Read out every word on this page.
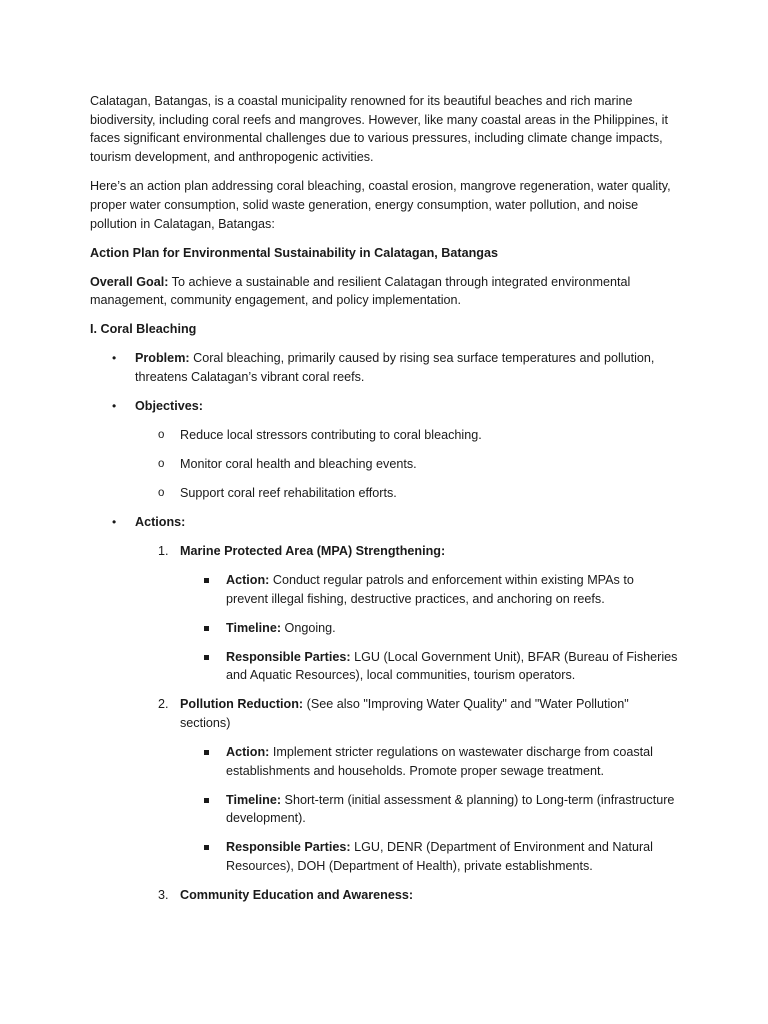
Calatagan, Batangas, is a coastal municipality renowned for its beautiful beaches and rich marine biodiversity, including coral reefs and mangroves. However, like many coastal areas in the Philippines, it faces significant environmental challenges due to various pressures, including climate change impacts, tourism development, and anthropogenic activities.

Here’s an action plan addressing coral bleaching, coastal erosion, mangrove regeneration, water quality, proper water consumption, solid waste generation, energy consumption, water pollution, and noise pollution in Calatagan, Batangas:

Action Plan for Environmental Sustainability in Calatagan, Batangas

Overall Goal: To achieve a sustainable and resilient Calatagan through integrated environmental management, community engagement, and policy implementation.

I. Coral Bleaching

• Problem: Coral bleaching, primarily caused by rising sea surface temperatures and pollution, threatens Calatagan’s vibrant coral reefs.
• Objectives:
o Reduce local stressors contributing to coral bleaching.
o Monitor coral health and bleaching events.
o Support coral reef rehabilitation efforts.
• Actions:
1. Marine Protected Area (MPA) Strengthening:
Action: Conduct regular patrols and enforcement within existing MPAs to prevent illegal fishing, destructive practices, and anchoring on reefs.
Timeline: Ongoing.
Responsible Parties: LGU (Local Government Unit), BFAR (Bureau of Fisheries and Aquatic Resources), local communities, tourism operators.
2. Pollution Reduction: (See also "Improving Water Quality" and "Water Pollution" sections)
Action: Implement stricter regulations on wastewater discharge from coastal establishments and households. Promote proper sewage treatment.
Timeline: Short-term (initial assessment & planning) to Long-term (infrastructure development).
Responsible Parties: LGU, DENR (Department of Environment and Natural Resources), DOH (Department of Health), private establishments.
3. Community Education and Awareness:
